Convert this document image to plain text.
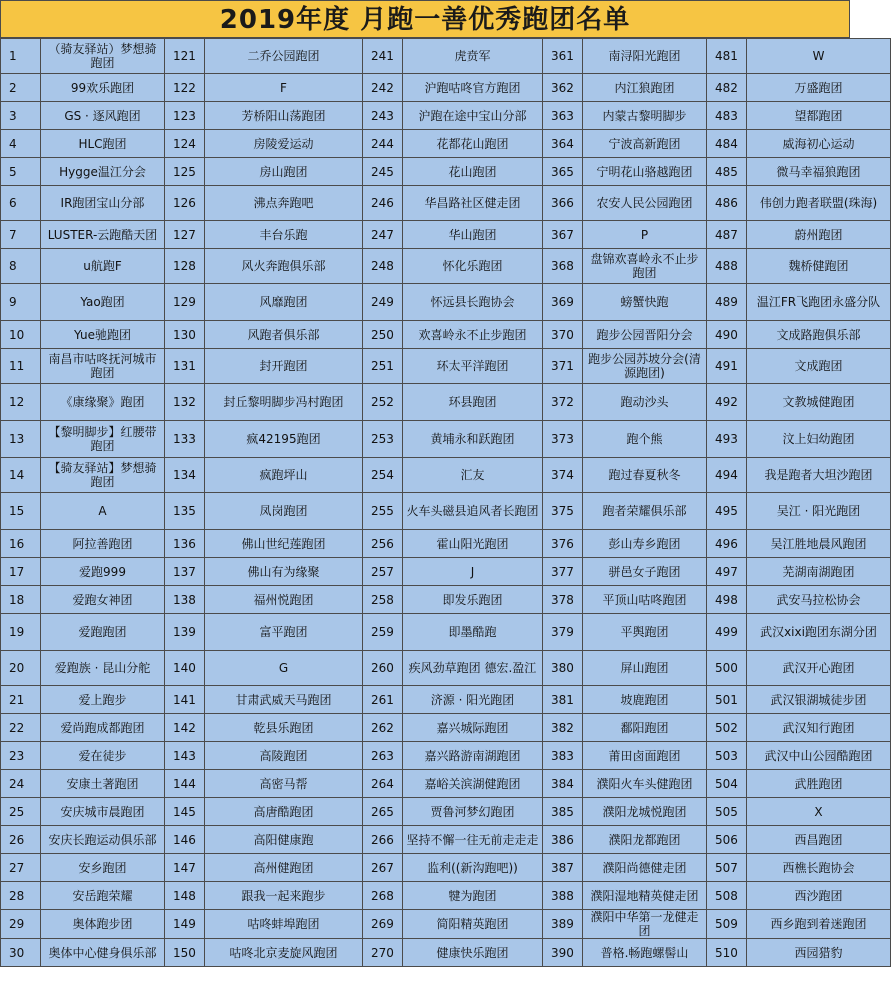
2019年度 月跑一善优秀跑团名单
1	（骑友驿站）梦想骑跑团	121	二乔公园跑团	241	虎贲军	361	南浔阳光跑团	481	W
2	99欢乐跑团	122	F	242	沪跑咕咚官方跑团	362	内江狼跑团	482	万盛跑团
3	GS · 逐风跑团	123	芳桥阳山荡跑团	243	沪跑在途中宝山分部	363	内蒙古黎明脚步	483	望都跑团
4	HLC跑团	124	房陵爱运动	244	花都花山跑团	364	宁波高新跑团	484	威海初心运动
5	Hygge温江分会	125	房山跑团	245	花山跑团	365	宁明花山骆越跑团	485	微马幸福狼跑团
6	IR跑团宝山分部	126	沸点奔跑吧	246	华昌路社区健走团	366	农安人民公园跑团	486	伟创力跑者联盟(珠海)
7	LUSTER-云跑酷天团	127	丰台乐跑	247	华山跑团	367	P	487	蔚州跑团
8	u航跑F	128	风火奔跑俱乐部	248	怀化乐跑团	368	盘锦欢喜岭永不止步跑团	488	魏桥健跑团
9	Yao跑团	129	风靡跑团	249	怀远县长跑协会	369	螃蟹快跑	489	温江FR飞跑团永盛分队
10	Yue驰跑团	130	风跑者俱乐部	250	欢喜岭永不止步跑团	370	跑步公园晋阳分会	490	文成路跑俱乐部
11	南昌市咕咚抚河城市跑团	131	封开跑团	251	环太平洋跑团	371	跑步公园苏坡分会(清源跑团)	491	文成跑团
12	《康缘聚》跑团	132	封丘黎明脚步冯村跑团	252	环县跑团	372	跑动沙头	492	文教城健跑团
13	【黎明脚步】红腰带跑团	133	疯42195跑团	253	黄埔永和跃跑团	373	跑个熊	493	汶上妇幼跑团
14	【骑友驿站】梦想骑跑团	134	疯跑坪山	254	汇友	374	跑过春夏秋冬	494	我是跑者大坦沙跑团
15	A	135	凤岗跑团	255	火车头磁县追风者长跑团	375	跑者荣耀俱乐部	495	吴江 · 阳光跑团
16	阿拉善跑团	136	佛山世纪莲跑团	256	霍山阳光跑团	376	彭山寿乡跑团	496	吴江胜地晨风跑团
17	爱跑999	137	佛山有为缘聚	257	J	377	骈邑女子跑团	497	芜湖南湖跑团
18	爱跑女神团	138	福州悦跑团	258	即发乐跑团	378	平顶山咕咚跑团	498	武安马拉松协会
19	爱跑跑团	139	富平跑团	259	即墨酷跑	379	平舆跑团	499	武汉xixi跑团东湖分团
20	爱跑族 · 昆山分舵	140	G	260	疾风劲草跑团 德宏.盈江	380	屏山跑团	500	武汉开心跑团
21	爱上跑步	141	甘肃武威天马跑团	261	济源 · 阳光跑团	381	坡鹿跑团	501	武汉银湖城徒步团
22	爱尚跑成都跑团	142	乾县乐跑团	262	嘉兴城际跑团	382	鄱阳跑团	502	武汉知行跑团
23	爱在徒步	143	高陵跑团	263	嘉兴路游南湖跑团	383	莆田卤面跑团	503	武汉中山公园酷跑团
24	安康土著跑团	144	高密马帮	264	嘉峪关滨湖健跑团	384	濮阳火车头健跑团	504	武胜跑团
25	安庆城市晨跑团	145	高唐酷跑团	265	贾鲁河梦幻跑团	385	濮阳龙城悦跑团	505	X
26	安庆长跑运动俱乐部	146	高阳健康跑	266	坚持不懈一往无前走走走	386	濮阳龙都跑团	506	西昌跑团
27	安乡跑团	147	高州健跑团	267	监利((新沟跑吧))	387	濮阳尚德健走团	507	西樵长跑协会
28	安岳跑荣耀	148	跟我一起来跑步	268	犍为跑团	388	濮阳湿地精英健走团	508	西沙跑团
29	奥体跑步团	149	咕咚蚌埠跑团	269	简阳精英跑团	389	濮阳中华第一龙健走团	509	西乡跑到着迷跑团
30	奥体中心健身俱乐部	150	咕咚北京麦旋风跑团	270	健康快乐跑团	390	普格.畅跑螺髻山	510	西园猎豹
